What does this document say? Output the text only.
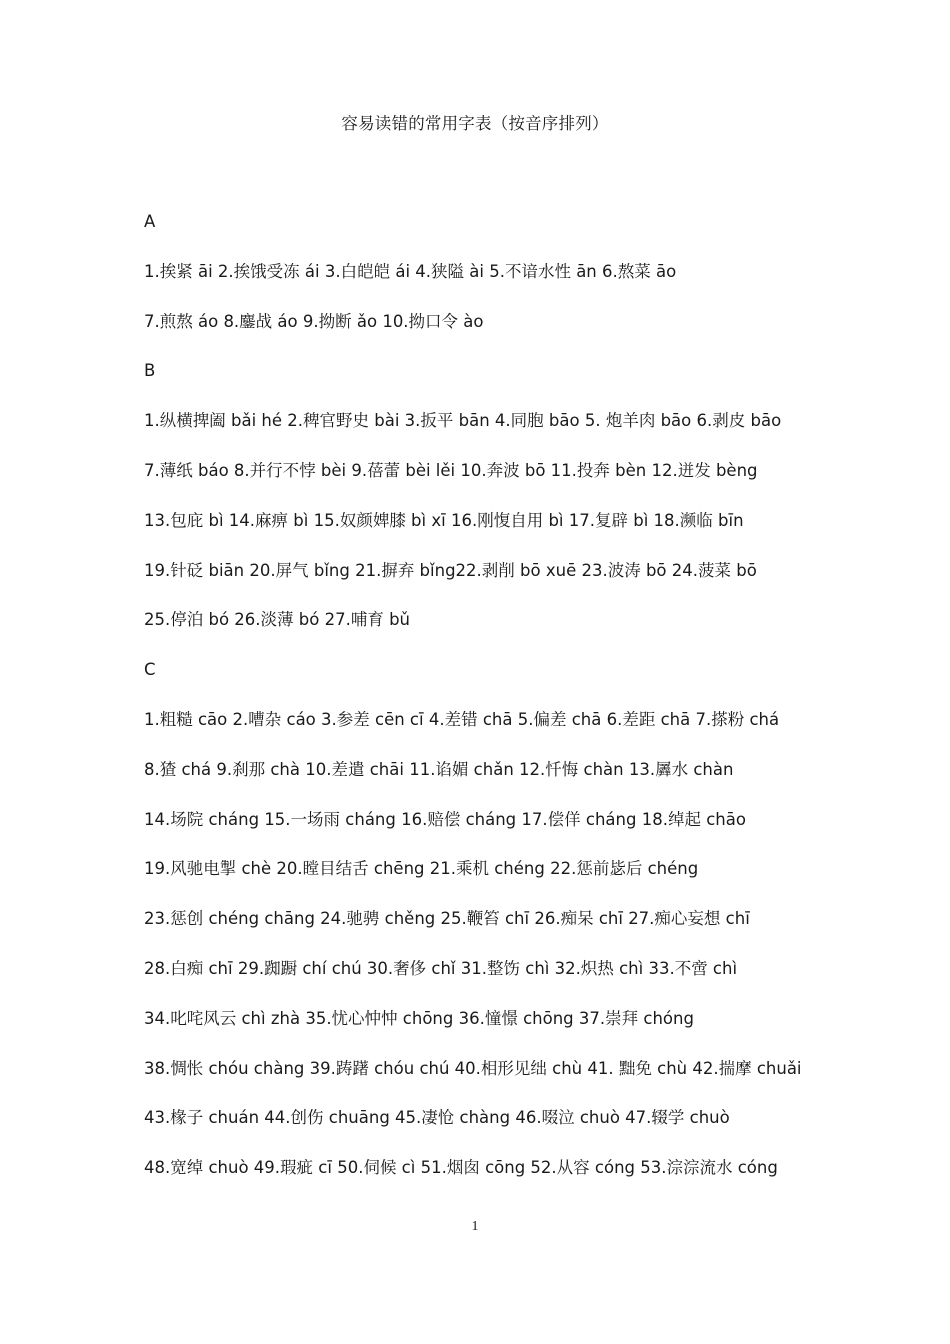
容易读错的常用字表（按音序排列）
A
1.挨紧 āi 2.挨饿受冻 ái 3.白皑皑 ái 4.狭隘 ài 5.不谙水性 ān 6.熬菜 āo
7.煎熬 áo 8.鏖战 áo 9.拗断 ǎo 10.拗口令 ào
B
1.纵横捭阖 bǎi hé 2.稗官野史 bài 3.扳平 bān 4.同胞 bāo 5. 炮羊肉 bāo 6.剥皮 bāo
7.薄纸 báo 8.并行不悖 bèi 9.蓓蕾 bèi lěi 10.奔波 bō 11.投奔 bèn 12.迸发 bèng
13.包庇 bì 14.麻痹 bì 15.奴颜婢膝 bì xī 16.刚愎自用 bì 17.复辟 bì 18.濒临 bīn
19.针砭 biān 20.屏气 bǐng 21.摒弃 bǐng22.剥削 bō xuē 23.波涛 bō 24.菠菜 bō
25.停泊 bó 26.淡薄 bó 27.哺育 bǔ
C
1.粗糙 cāo 2.嘈杂 cáo 3.参差 cēn cī 4.差错 chā 5.偏差 chā 6.差距 chā 7.搽粉 chá
8.猹 chá 9.刹那 chà 10.差遣 chāi 11.谄媚 chǎn 12.忏悔 chàn 13.羼水 chàn
14.场院 cháng 15.一场雨 cháng 16.赔偿 cháng 17.偿佯 cháng 18.绰起 chāo
19.风驰电掣 chè 20.瞠目结舌 chēng 21.乘机 chéng 22.惩前毖后 chéng
23.惩创 chéng chāng 24.驰骋 chěng 25.鞭笞 chī 26.痴呆 chī 27.痴心妄想 chī
28.白痴 chī 29.踟蹰 chí chú 30.奢侈 chǐ 31.整饬 chì 32.炽热 chì 33.不啻 chì
34.叱咤风云 chì zhà 35.忧心忡忡 chōng 36.憧憬 chōng 37.崇拜 chóng
38.惆怅 chóu chàng 39.踌躇 chóu chú 40.相形见绌 chù 41. 黜免 chù 42.揣摩 chuǎi
43.椽子 chuán 44.创伤 chuāng 45.凄怆 chàng 46.啜泣 chuò 47.辍学 chuò
48.宽绰 chuò 49.瑕疵 cī 50.伺候 cì 51.烟囱 cōng 52.从容 cóng 53.淙淙流水 cóng
1
